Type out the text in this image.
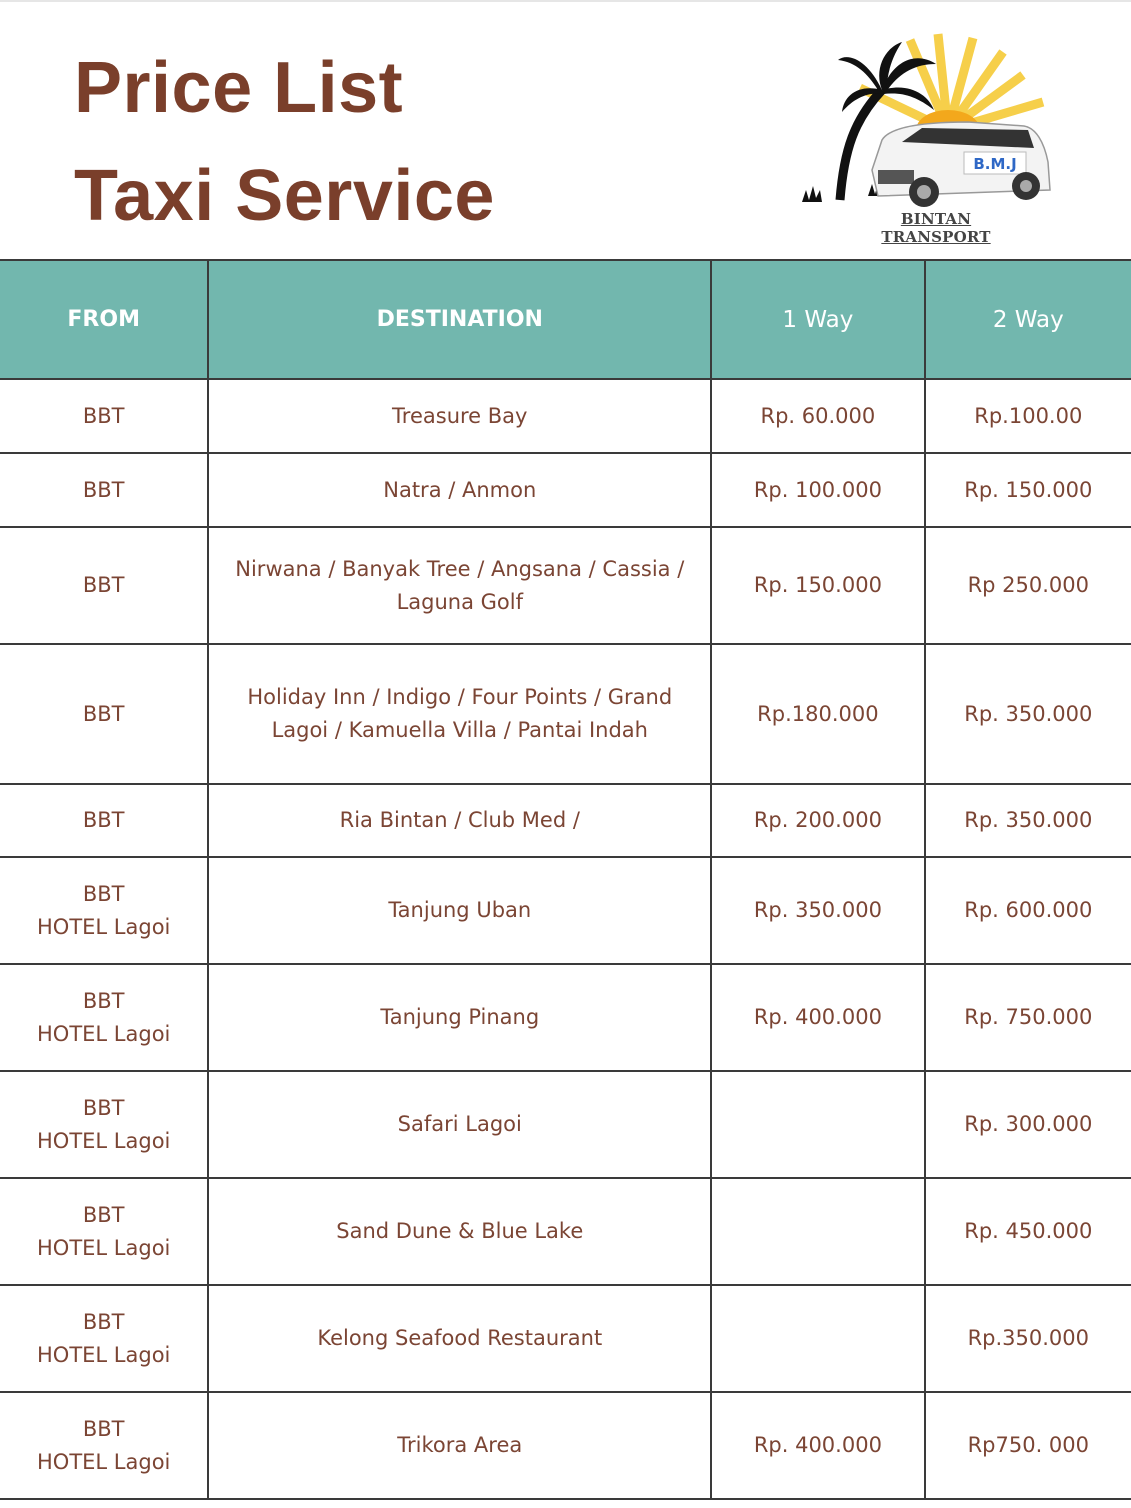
Price List
Taxi Service	B.M.J
BINTAN TRANSPORT
FROM	DESTINATION	1 Way	2 Way

BBT	Treasure Bay	Rp. 60.000	Rp.100.00

BBT	Natra / Anmon	Rp. 100.000	Rp. 150.000

BBT	Nirwana / Banyak Tree / Angsana / Cassia /
Laguna Golf	Rp. 150.000	Rp 250.000

BBT	Holiday Inn / Indigo / Four Points / Grand
Lagoi / Kamuella Villa / Pantai Indah	Rp.180.000	Rp. 350.000

BBT	Ria Bintan / Club Med /	Rp. 200.000	Rp. 350.000

BBT
HOTEL Lagoi	Tanjung Uban	Rp. 350.000	Rp. 600.000

BBT
HOTEL Lagoi	Tanjung Pinang	Rp. 400.000	Rp. 750.000

BBT
HOTEL Lagoi	Safari Lagoi		Rp. 300.000

BBT
HOTEL Lagoi	Sand Dune & Blue Lake		Rp. 450.000

BBT
HOTEL Lagoi	Kelong Seafood Restaurant		Rp.350.000

BBT
HOTEL Lagoi	Trikora Area	Rp. 400.000	Rp750. 000
